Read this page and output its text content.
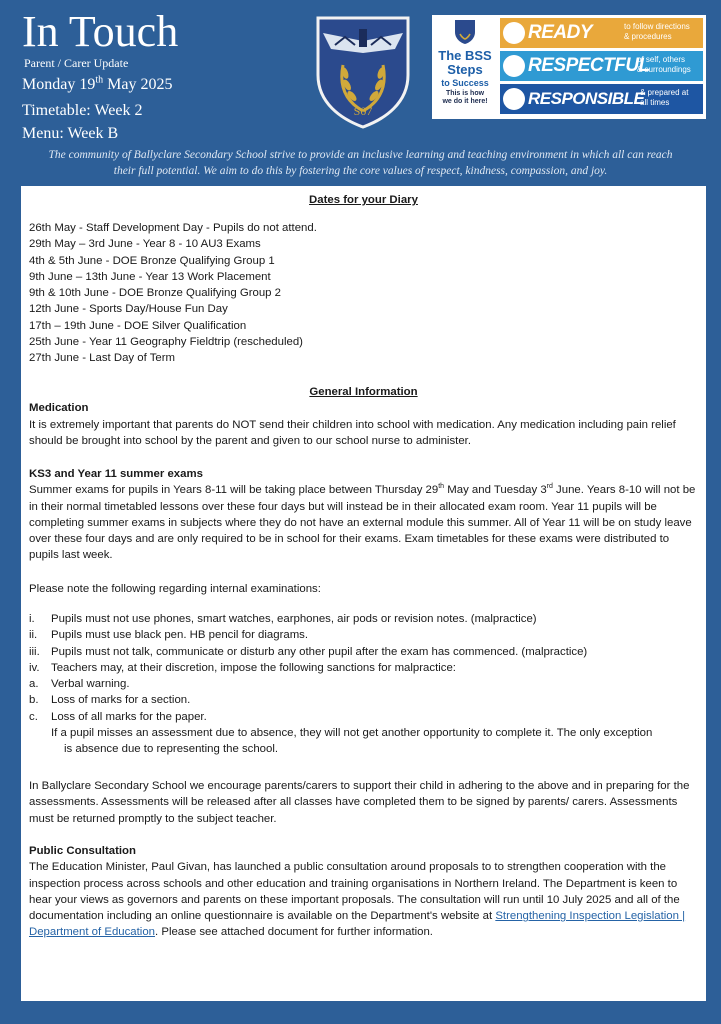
In Touch
Parent / Carer Update
Monday 19th May 2025
Timetable: Week 2
Menu: Week B
S07
The BSS Steps
to Success
This is how
we do it here!
READY	to follow directions
& procedures
RESPECTFUL
of self, others
& surroundings
RESPONSIBLE
& prepared at
all times
The community of Ballyclare Secondary School strive to provide an inclusive learning and teaching environment in which all can reach their full potential. We aim to do this by fostering the core values of respect, kindness, compassion, and joy.
Dates for your Diary
26th May - Staff Development Day - Pupils do not attend.
29th May – 3rd June - Year 8 - 10 AU3 Exams
4th & 5th June - DOE Bronze Qualifying Group 1
9th June – 13th June - Year 13 Work Placement
9th & 10th June - DOE Bronze Qualifying Group 2
12th June - Sports Day/House Fun Day
17th – 19th June - DOE Silver Qualification
25th June - Year 11 Geography Fieldtrip (rescheduled)
27th June - Last Day of Term
General Information
Medication

It is extremely important that parents do NOT send their children into school with medication. Any medication including pain relief should be brought into school by the parent and given to our school nurse to administer.

KS3 and Year 11 summer exams

Summer exams for pupils in Years 8-11 will be taking place between Thursday 29th May and Tuesday 3rd June. Years 8-10 will not be in their normal timetabled lessons over these four days but will instead be in their allocated exam room. Year 11 pupils will be completing summer exams in subjects where they do not have an external module this summer. All of Year 11 will be on study leave over these four days and are only required to be in school for their exams. Exam timetables for these exams were distributed to pupils last week.

Please note the following regarding internal examinations:
i. Pupils must not use phones, smart watches, earphones, air pods or revision notes. (malpractice)
ii. Pupils must use black pen. HB pencil for diagrams.
iii. Pupils must not talk, communicate or disturb any other pupil after the exam has commenced. (malpractice)
iv. Teachers may, at their discretion, impose the following sanctions for malpractice:
a. Verbal warning.
b. Loss of marks for a section.
c. Loss of all marks for the paper.
If a pupil misses an assessment due to absence, they will not get another opportunity to complete it. The only exception
is absence due to representing the school.

In Ballyclare Secondary School we encourage parents/carers to support their child in adhering to the above and in preparing for the assessments. Assessments will be released after all classes have completed them to be signed by parents/ carers. Assessments must be returned promptly to the subject teacher.

Public Consultation

The Education Minister, Paul Givan, has launched a public consultation around proposals to to strengthen cooperation with the inspection process across schools and other education and training organisations in Northern Ireland. The Department is keen to hear your views as governors and parents on these important proposals. The consultation will run until 10 July 2025 and all of the documentation including an online questionnaire is available on the Department's website at Strengthening Inspection Legislation | Department of Education. Please see attached document for further information.
